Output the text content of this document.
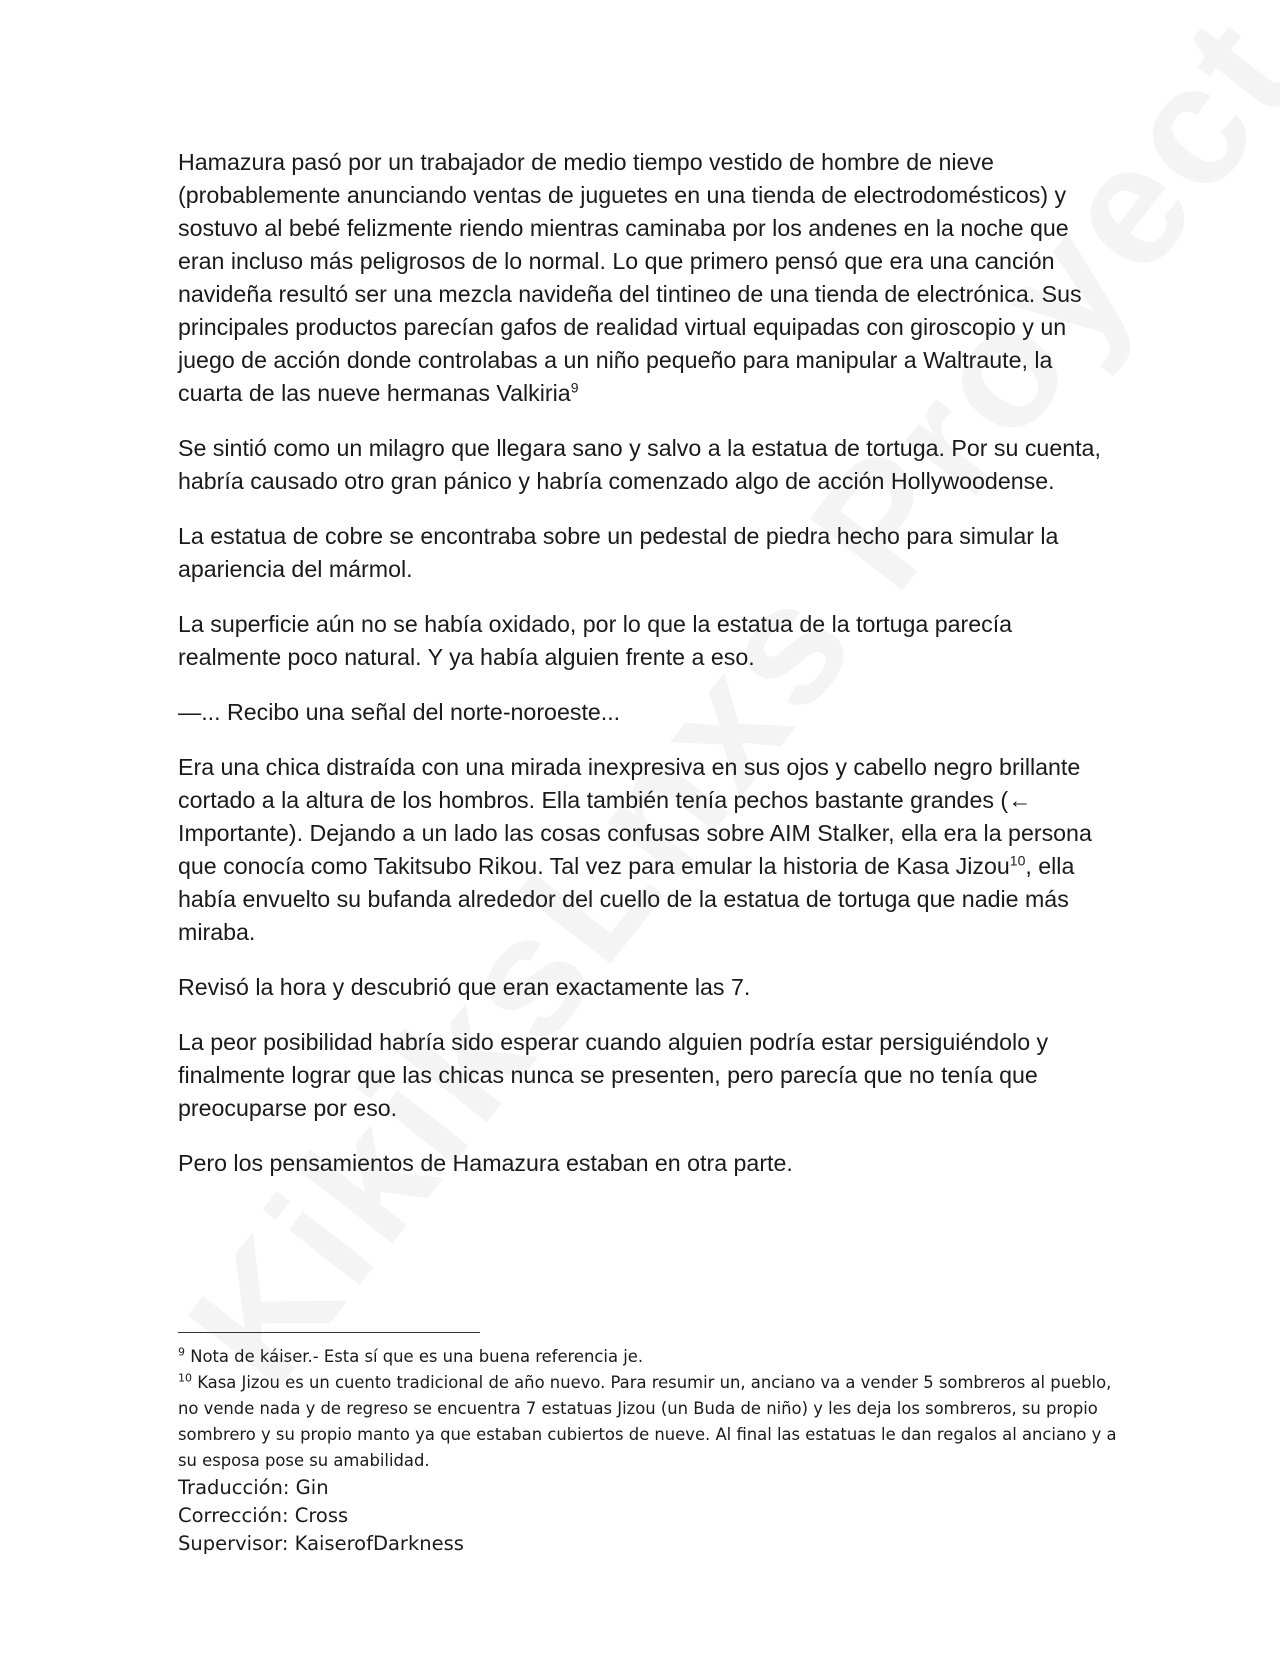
Hamazura pasó por un trabajador de medio tiempo vestido de hombre de nieve (probablemente anunciando ventas de juguetes en una tienda de electrodomésticos) y sostuvo al bebé felizmente riendo mientras caminaba por los andenes en la noche que eran incluso más peligrosos de lo normal. Lo que primero pensó que era una canción navideña resultó ser una mezcla navideña del tintineo de una tienda de electrónica. Sus principales productos parecían gafos de realidad virtual equipadas con giroscopio y un juego de acción donde controlabas a un niño pequeño para manipular a Waltraute, la cuarta de las nueve hermanas Valkiria$^9$

Se sintió como un milagro que llegara sano y salvo a la estatua de tortuga. Por su cuenta, habría causado otro gran pánico y habría comenzado algo de acción Hollywoodense.

La estatua de cobre se encontraba sobre un pedestal de piedra hecho para simular la apariencia del mármol.

La superficie aún no se había oxidado, por lo que la estatua de la tortuga parecía realmente poco natural. Y ya había alguien frente a eso.

—... Recibo una señal del norte-noroeste...

Era una chica distraída con una mirada inexpresiva en sus ojos y cabello negro brillante cortado a la altura de los hombros. Ella también tenía pechos bastante grandes (← Importante). Dejando a un lado las cosas confusas sobre AIM Stalker, ella era la persona que conocía como Takitsubo Rikou. Tal vez para emular la historia de Kasa Jizou$^{10}$, ella había envuelto su bufanda alrededor del cuello de la estatua de tortuga que nadie más miraba.

Revisó la hora y descubrió que eran exactamente las 7.

La peor posibilidad habría sido esperar cuando alguien podría estar persiguiéndolo y finalmente lograr que las chicas nunca se presenten, pero parecía que no tenía que preocuparse por eso.

Pero los pensamientos de Hamazura estaban en otra parte.

$^9$ Nota de káiser.- Esta sí que es una buena referencia je.

$^{10}$ Kasa Jizou es un cuento tradicional de año nuevo. Para resumir un, anciano va a vender 5 sombreros al pueblo, no vende nada y de regreso se encuentra 7 estatuas Jizou (un Buda de niño) y les deja los sombreros, su propio sombrero y su propio manto ya que estaban cubiertos de nueve. Al final las estatuas le dan regalos al anciano y a su esposa pose su amabilidad.

Traducción: Gin

Corrección: Cross

Supervisor: KaiserofDarkness
